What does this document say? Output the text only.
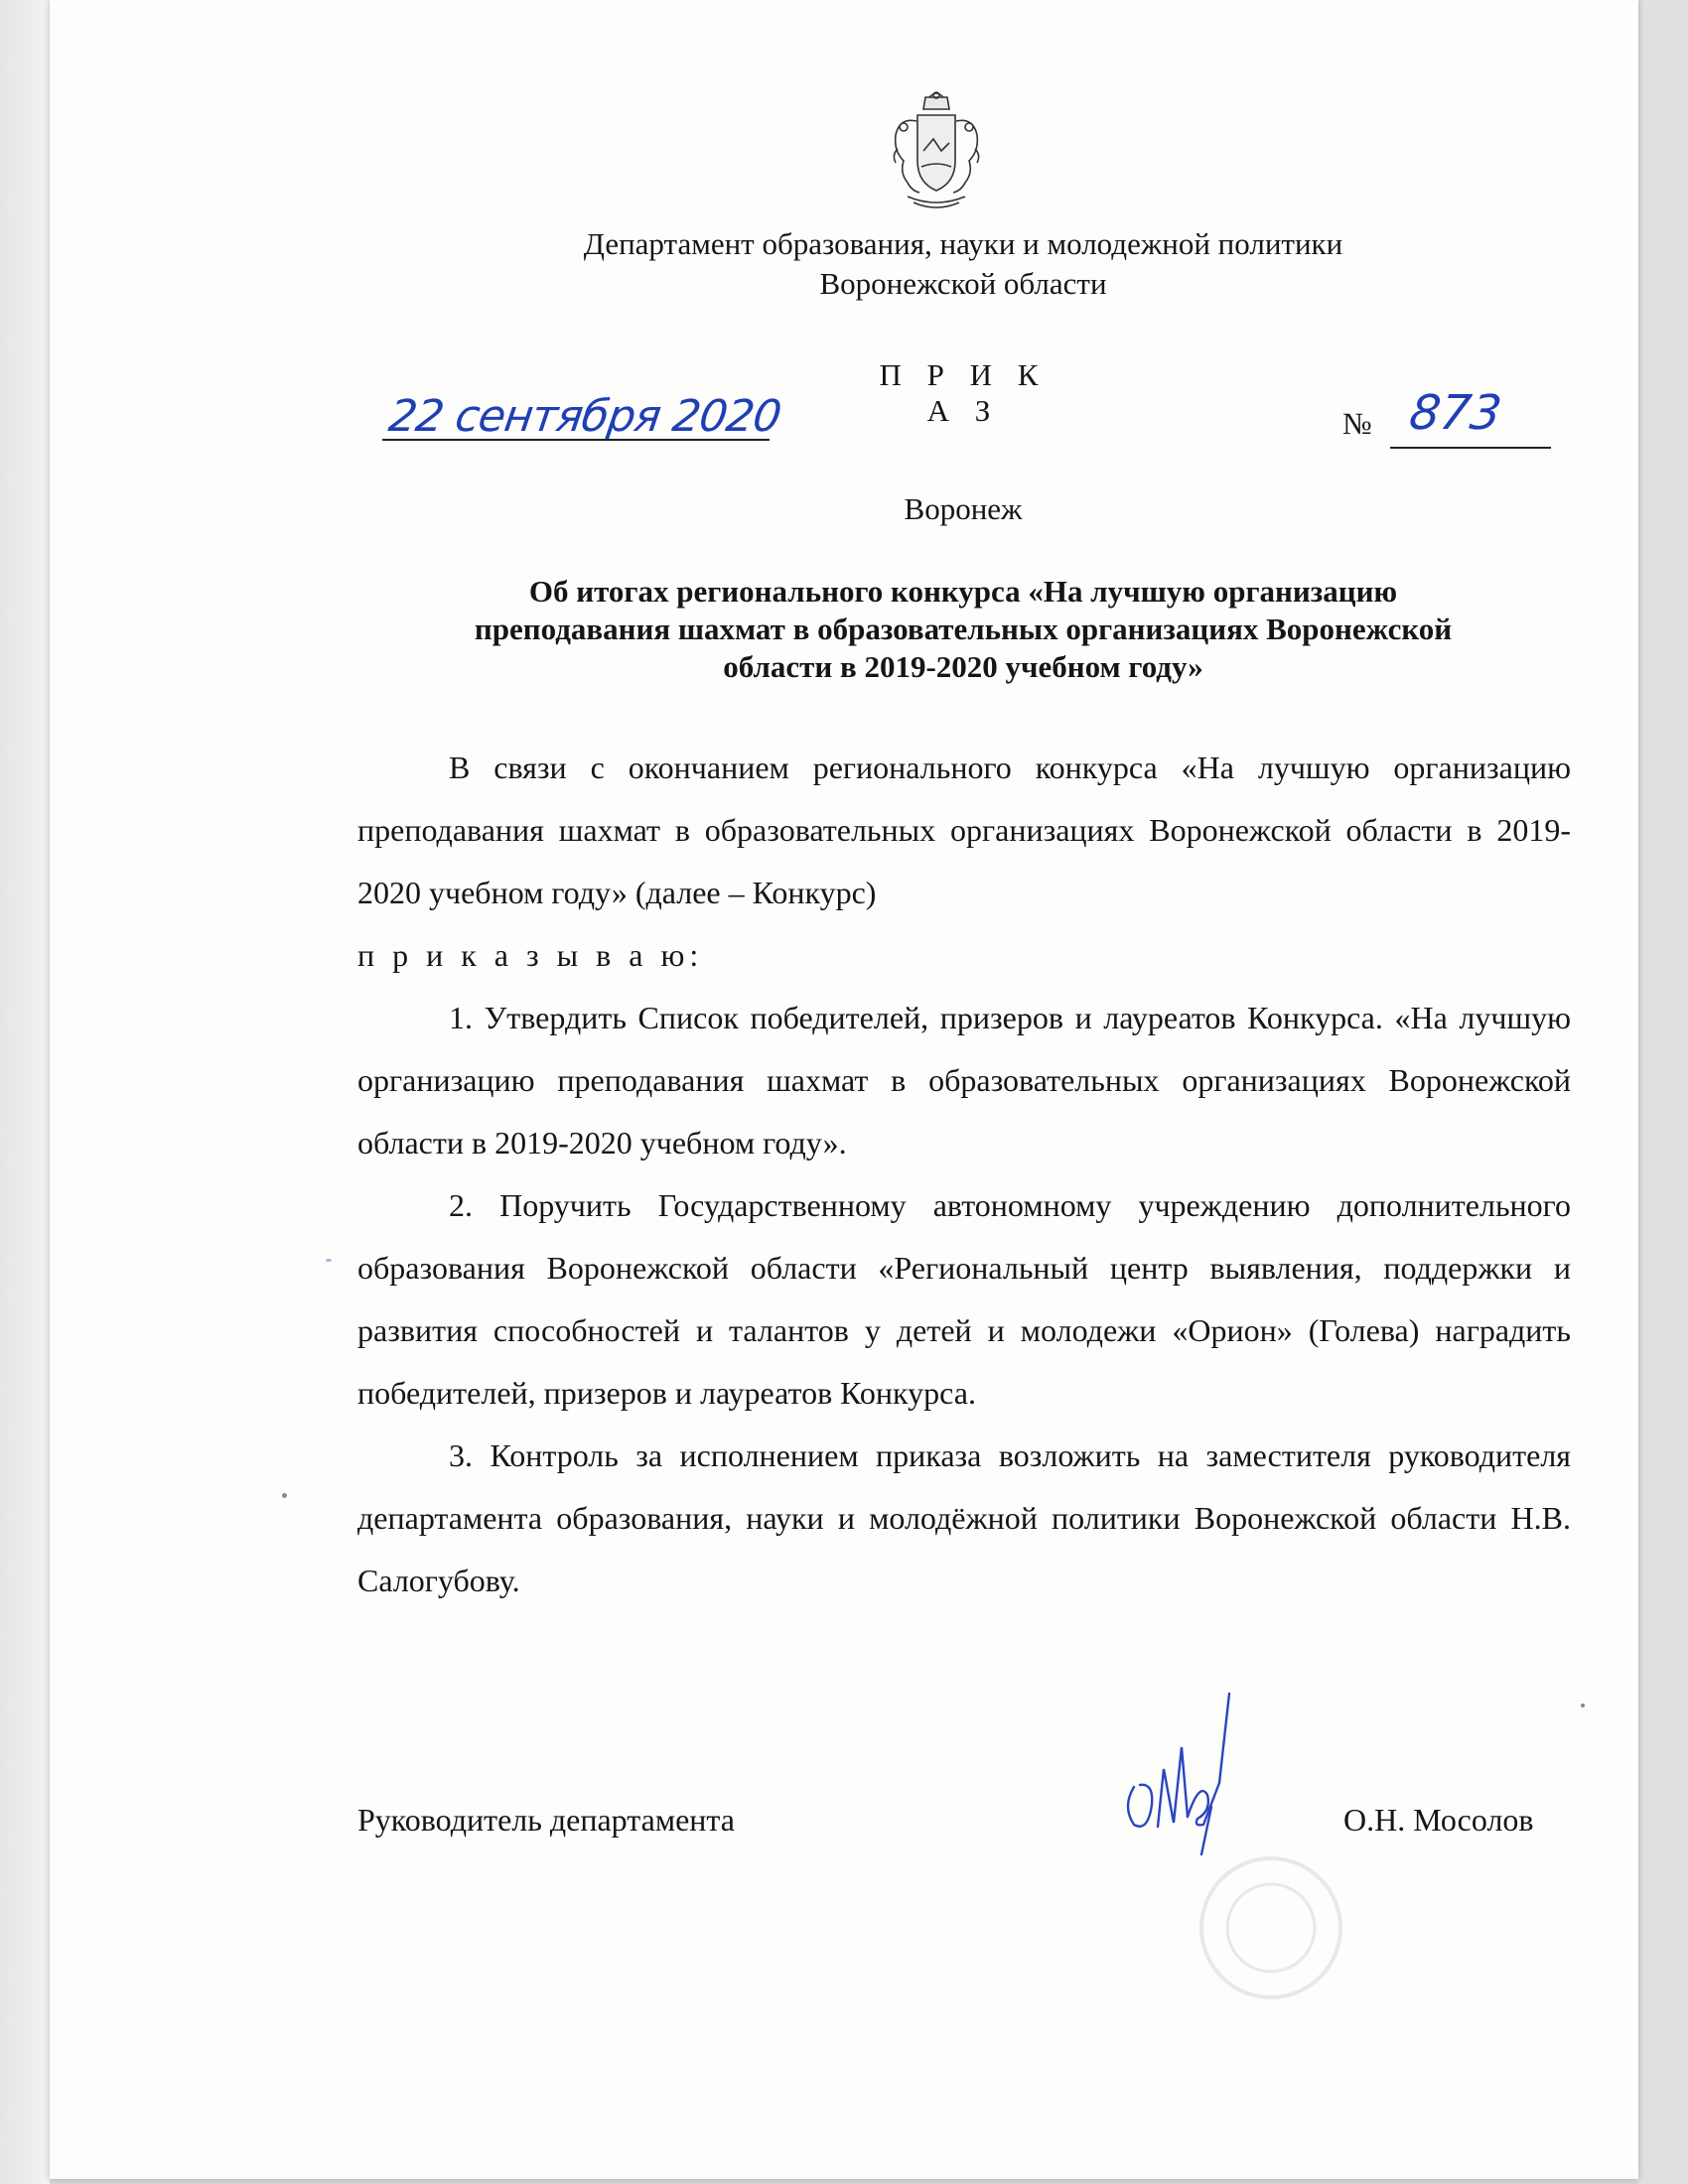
Департамент образования, науки и молодежной политики
Воронежской области
П Р И К А З
22 сентября 2020	№ 873
Воронеж
Об итогах регионального конкурса «На лучшую организацию
преподавания шахмат в образовательных организациях Воронежской
области в 2019-2020 учебном году»

В связи с окончанием регионального конкурса «На лучшую организацию преподавания шахмат в образовательных организациях Воронежской области в 2019-2020 учебном году» (далее – Конкурс)

п р и к а з ы в а ю:

1. Утвердить Список победителей, призеров и лауреатов Конкурса. «На лучшую организацию преподавания шахмат в образовательных организациях Воронежской области в 2019-2020 учебном году».

2. Поручить Государственному автономному учреждению дополнительного образования Воронежской области «Региональный центр выявления, поддержки и развития способностей и талантов у детей и молодежи «Орион» (Голева) наградить победителей, призеров и лауреатов Конкурса.

3. Контроль за исполнением приказа возложить на заместителя руководителя департамента образования, науки и молодёжной политики Воронежской области Н.В. Салогубову.

Руководитель департамента	О.Н. Мосолов
